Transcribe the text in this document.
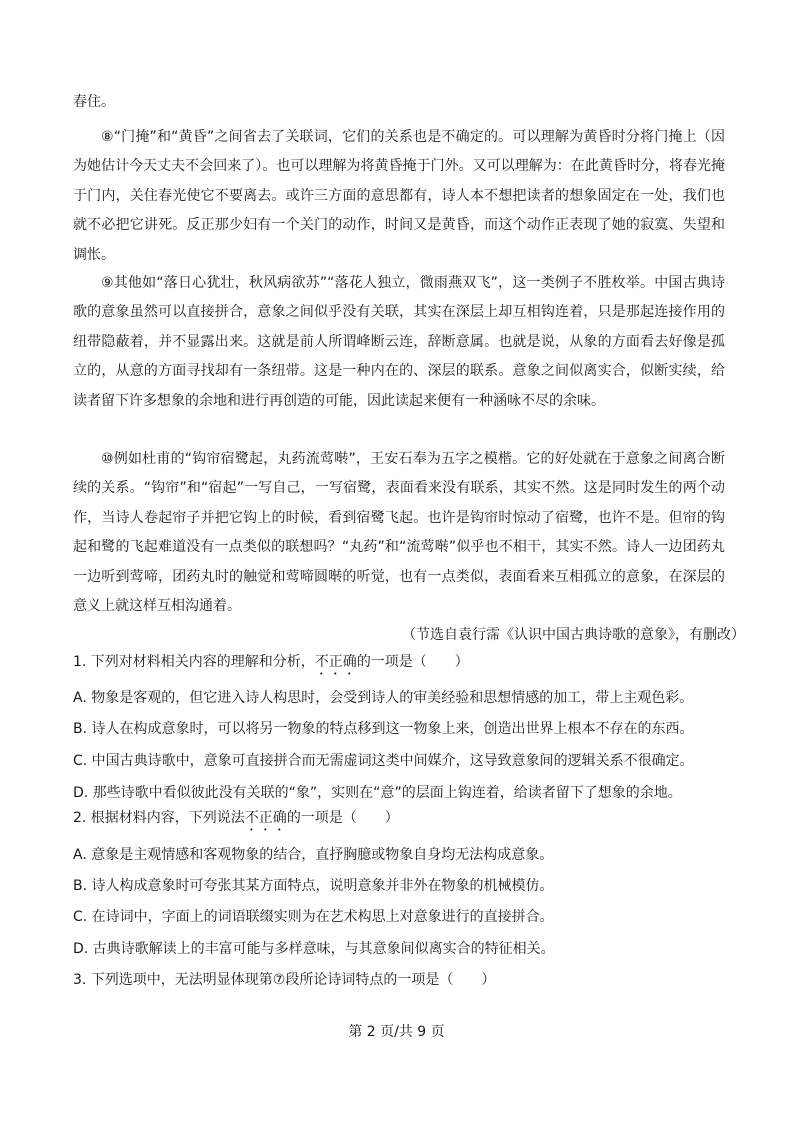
春住。

⑧“门掩”和“黄昏”之间省去了关联词，它们的关系也是不确定的。可以理解为黄昏时分将门掩上（因为她估计今天丈夫不会回来了）。也可以理解为将黄昏掩于门外。又可以理解为：在此黄昏时分，将春光掩于门内，关住春光使它不要离去。或许三方面的意思都有，诗人本不想把读者的想象固定在一处，我们也就不必把它讲死。反正那少妇有一个关门的动作，时间又是黄昏，而这个动作正表现了她的寂寞、失望和调怅。

⑨其他如“落日心犹壮，秋风病欲苏”“落花人独立，微雨燕双飞”，这一类例子不胜枚举。中国古典诗歌的意象虽然可以直接拼合，意象之间似乎没有关联，其实在深层上却互相钩连着，只是那起连接作用的纽带隐蔽着，并不显露出来。这就是前人所谓峰断云连，辞断意属。也就是说，从象的方面看去好像是孤立的，从意的方面寻找却有一条纽带。这是一种内在的、深层的联系。意象之间似离实合，似断实续，给读者留下许多想象的余地和进行再创造的可能，因此读起来便有一种涵咏不尽的余味。

⑩例如杜甫的“钩帘宿鹭起，丸药流莺啭”，王安石奉为五字之模楷。它的好处就在于意象之间离合断续的关系。“钩帘”和“宿起”一写自己，一写宿鹭，表面看来没有联系，其实不然。这是同时发生的两个动作，当诗人卷起帘子并把它钩上的时候，看到宿鹭飞起。也许是钩帘时惊动了宿鹭，也许不是。但帘的钩起和鹭的飞起难道没有一点类似的联想吗？“丸药”和“流莺啭”似乎也不相干，其实不然。诗人一边团药丸一边听到莺啼，团药丸时的触觉和莺啼圆啭的听觉，也有一点类似，表面看来互相孤立的意象，在深层的意义上就这样互相沟通着。

（节选自袁行霈《认识中国古典诗歌的意象》，有删改）

1. 下列对材料相关内容的理解和分析，不正确的一项是（　　）

A. 物象是客观的，但它进入诗人构思时，会受到诗人的审美经验和思想情感的加工，带上主观色彩。

B. 诗人在构成意象时，可以将另一物象的特点移到这一物象上来，创造出世界上根本不存在的东西。

C. 中国古典诗歌中，意象可直接拼合而无需虚词这类中间媒介，这导致意象间的逻辑关系不很确定。

D. 那些诗歌中看似彼此没有关联的“象”，实则在“意”的层面上钩连着，给读者留下了想象的余地。

2. 根据材料内容，下列说法不正确的一项是（　　）

A. 意象是主观情感和客观物象的结合，直抒胸臆或物象自身均无法构成意象。

B. 诗人构成意象时可夸张其某方面特点，说明意象并非外在物象的机械模仿。

C. 在诗词中，字面上的词语联缀实则为在艺术构思上对意象进行的直接拼合。

D. 古典诗歌解读上的丰富可能与多样意味，与其意象间似离实合的特征相关。

3. 下列选项中，无法明显体现第⑦段所论诗词特点的一项是（　　）

第 2 页/共 9 页
